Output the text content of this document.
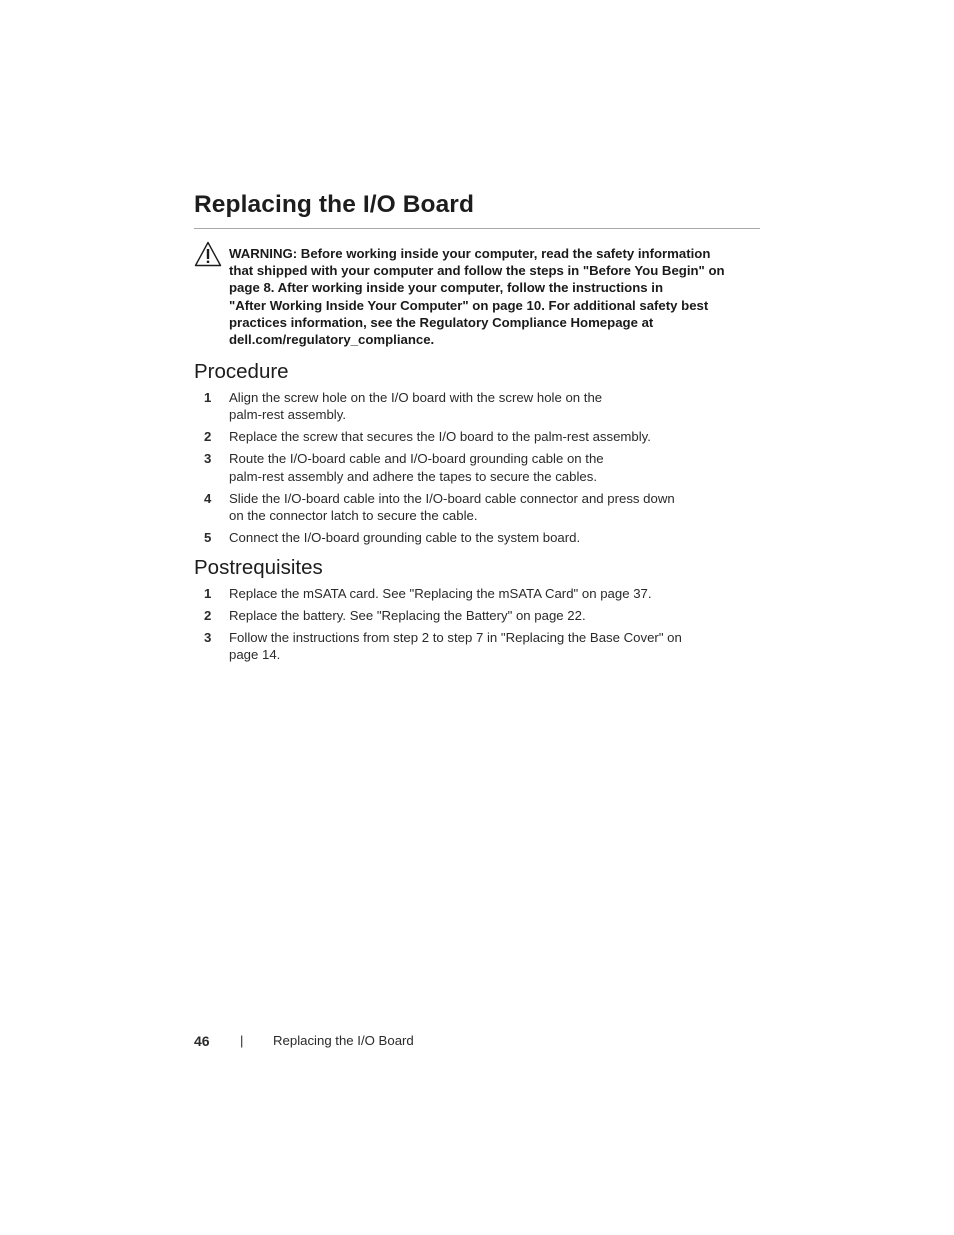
Replacing the I/O Board
WARNING: Before working inside your computer, read the safety information
that shipped with your computer and follow the steps in "Before You Begin" on
page 8. After working inside your computer, follow the instructions in
"After Working Inside Your Computer" on page 10. For additional safety best
practices information, see the Regulatory Compliance Homepage at
dell.com/regulatory_compliance.
Procedure
1 Align the screw hole on the I/O board with the screw hole on the
palm-rest assembly.
2 Replace the screw that secures the I/O board to the palm-rest assembly.
3 Route the I/O-board cable and I/O-board grounding cable on the
palm-rest assembly and adhere the tapes to secure the cables.
4 Slide the I/O-board cable into the I/O-board cable connector and press down
on the connector latch to secure the cable.
5 Connect the I/O-board grounding cable to the system board.
Postrequisites
1 Replace the mSATA card. See "Replacing the mSATA Card" on page 37.
2 Replace the battery. See "Replacing the Battery" on page 22.
3 Follow the instructions from step 2 to step 7 in "Replacing the Base Cover" on
page 14.
46 | Replacing the I/O Board
